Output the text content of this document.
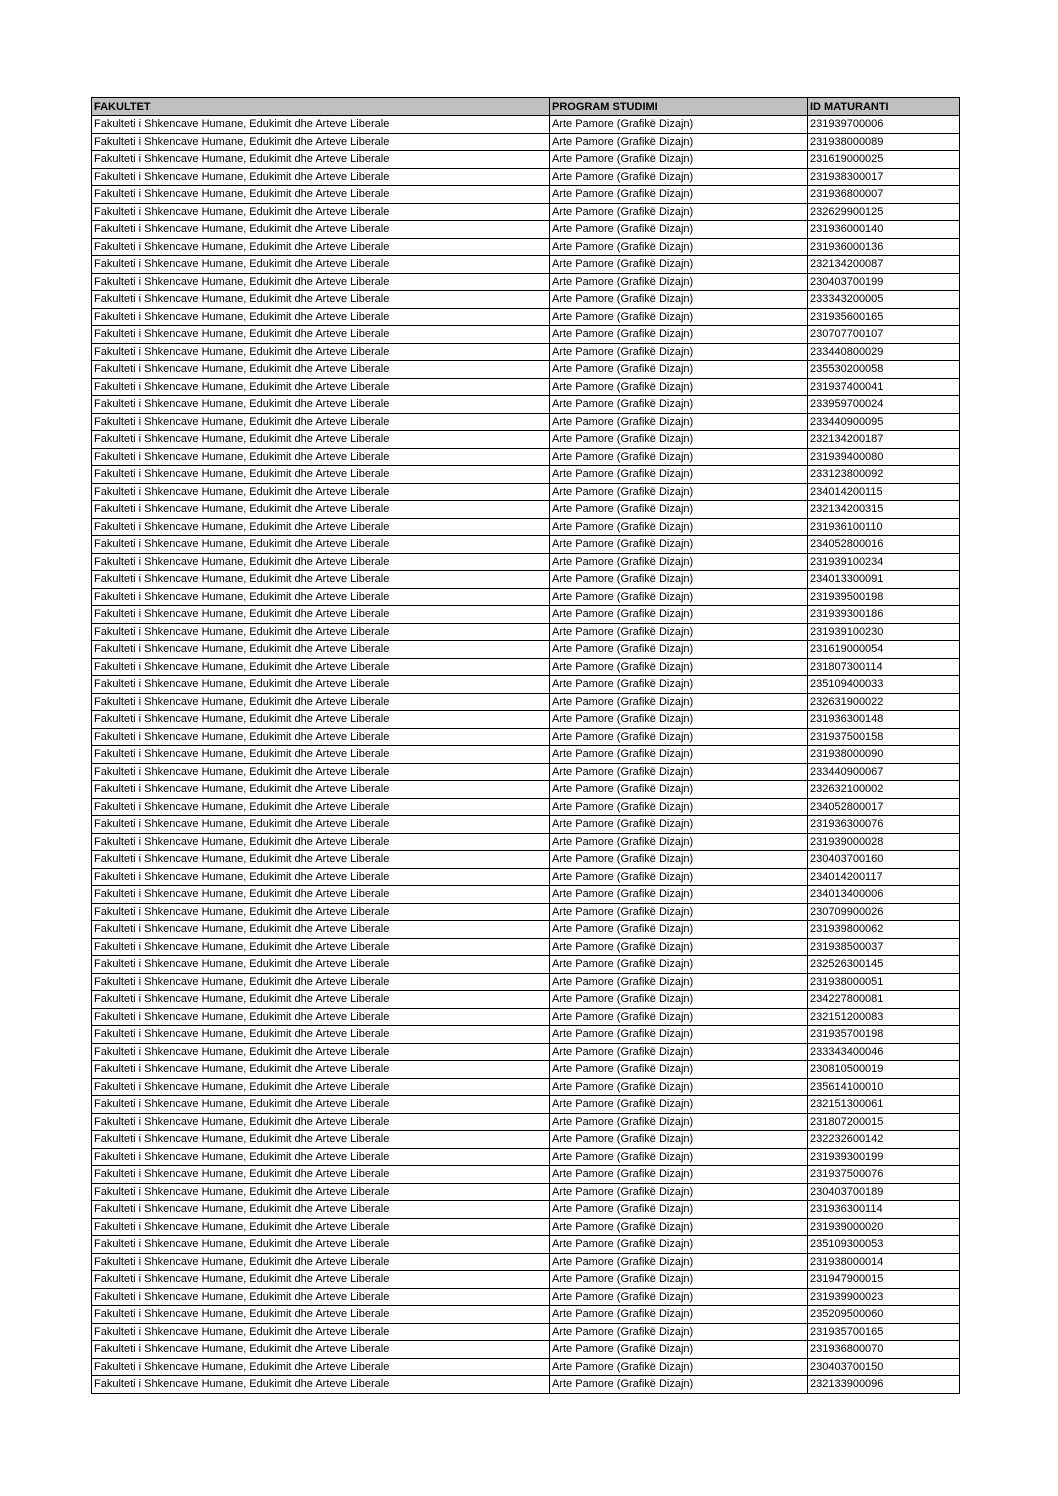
FAKULTET	PROGRAM STUDIMI	ID MATURANTI
Fakulteti i Shkencave Humane, Edukimit dhe Arteve Liberale	Arte Pamore (Grafikë Dizajn)	231939700006
Fakulteti i Shkencave Humane, Edukimit dhe Arteve Liberale	Arte Pamore (Grafikë Dizajn)	231938000089
Fakulteti i Shkencave Humane, Edukimit dhe Arteve Liberale	Arte Pamore (Grafikë Dizajn)	231619000025
Fakulteti i Shkencave Humane, Edukimit dhe Arteve Liberale	Arte Pamore (Grafikë Dizajn)	231938300017
Fakulteti i Shkencave Humane, Edukimit dhe Arteve Liberale	Arte Pamore (Grafikë Dizajn)	231936800007
Fakulteti i Shkencave Humane, Edukimit dhe Arteve Liberale	Arte Pamore (Grafikë Dizajn)	232629900125
Fakulteti i Shkencave Humane, Edukimit dhe Arteve Liberale	Arte Pamore (Grafikë Dizajn)	231936000140
Fakulteti i Shkencave Humane, Edukimit dhe Arteve Liberale	Arte Pamore (Grafikë Dizajn)	231936000136
Fakulteti i Shkencave Humane, Edukimit dhe Arteve Liberale	Arte Pamore (Grafikë Dizajn)	232134200087
Fakulteti i Shkencave Humane, Edukimit dhe Arteve Liberale	Arte Pamore (Grafikë Dizajn)	230403700199
Fakulteti i Shkencave Humane, Edukimit dhe Arteve Liberale	Arte Pamore (Grafikë Dizajn)	233343200005
Fakulteti i Shkencave Humane, Edukimit dhe Arteve Liberale	Arte Pamore (Grafikë Dizajn)	231935600165
Fakulteti i Shkencave Humane, Edukimit dhe Arteve Liberale	Arte Pamore (Grafikë Dizajn)	230707700107
Fakulteti i Shkencave Humane, Edukimit dhe Arteve Liberale	Arte Pamore (Grafikë Dizajn)	233440800029
Fakulteti i Shkencave Humane, Edukimit dhe Arteve Liberale	Arte Pamore (Grafikë Dizajn)	235530200058
Fakulteti i Shkencave Humane, Edukimit dhe Arteve Liberale	Arte Pamore (Grafikë Dizajn)	231937400041
Fakulteti i Shkencave Humane, Edukimit dhe Arteve Liberale	Arte Pamore (Grafikë Dizajn)	233959700024
Fakulteti i Shkencave Humane, Edukimit dhe Arteve Liberale	Arte Pamore (Grafikë Dizajn)	233440900095
Fakulteti i Shkencave Humane, Edukimit dhe Arteve Liberale	Arte Pamore (Grafikë Dizajn)	232134200187
Fakulteti i Shkencave Humane, Edukimit dhe Arteve Liberale	Arte Pamore (Grafikë Dizajn)	231939400080
Fakulteti i Shkencave Humane, Edukimit dhe Arteve Liberale	Arte Pamore (Grafikë Dizajn)	233123800092
Fakulteti i Shkencave Humane, Edukimit dhe Arteve Liberale	Arte Pamore (Grafikë Dizajn)	234014200115
Fakulteti i Shkencave Humane, Edukimit dhe Arteve Liberale	Arte Pamore (Grafikë Dizajn)	232134200315
Fakulteti i Shkencave Humane, Edukimit dhe Arteve Liberale	Arte Pamore (Grafikë Dizajn)	231936100110
Fakulteti i Shkencave Humane, Edukimit dhe Arteve Liberale	Arte Pamore (Grafikë Dizajn)	234052800016
Fakulteti i Shkencave Humane, Edukimit dhe Arteve Liberale	Arte Pamore (Grafikë Dizajn)	231939100234
Fakulteti i Shkencave Humane, Edukimit dhe Arteve Liberale	Arte Pamore (Grafikë Dizajn)	234013300091
Fakulteti i Shkencave Humane, Edukimit dhe Arteve Liberale	Arte Pamore (Grafikë Dizajn)	231939500198
Fakulteti i Shkencave Humane, Edukimit dhe Arteve Liberale	Arte Pamore (Grafikë Dizajn)	231939300186
Fakulteti i Shkencave Humane, Edukimit dhe Arteve Liberale	Arte Pamore (Grafikë Dizajn)	231939100230
Fakulteti i Shkencave Humane, Edukimit dhe Arteve Liberale	Arte Pamore (Grafikë Dizajn)	231619000054
Fakulteti i Shkencave Humane, Edukimit dhe Arteve Liberale	Arte Pamore (Grafikë Dizajn)	231807300114
Fakulteti i Shkencave Humane, Edukimit dhe Arteve Liberale	Arte Pamore (Grafikë Dizajn)	235109400033
Fakulteti i Shkencave Humane, Edukimit dhe Arteve Liberale	Arte Pamore (Grafikë Dizajn)	232631900022
Fakulteti i Shkencave Humane, Edukimit dhe Arteve Liberale	Arte Pamore (Grafikë Dizajn)	231936300148
Fakulteti i Shkencave Humane, Edukimit dhe Arteve Liberale	Arte Pamore (Grafikë Dizajn)	231937500158
Fakulteti i Shkencave Humane, Edukimit dhe Arteve Liberale	Arte Pamore (Grafikë Dizajn)	231938000090
Fakulteti i Shkencave Humane, Edukimit dhe Arteve Liberale	Arte Pamore (Grafikë Dizajn)	233440900067
Fakulteti i Shkencave Humane, Edukimit dhe Arteve Liberale	Arte Pamore (Grafikë Dizajn)	232632100002
Fakulteti i Shkencave Humane, Edukimit dhe Arteve Liberale	Arte Pamore (Grafikë Dizajn)	234052800017
Fakulteti i Shkencave Humane, Edukimit dhe Arteve Liberale	Arte Pamore (Grafikë Dizajn)	231936300076
Fakulteti i Shkencave Humane, Edukimit dhe Arteve Liberale	Arte Pamore (Grafikë Dizajn)	231939000028
Fakulteti i Shkencave Humane, Edukimit dhe Arteve Liberale	Arte Pamore (Grafikë Dizajn)	230403700160
Fakulteti i Shkencave Humane, Edukimit dhe Arteve Liberale	Arte Pamore (Grafikë Dizajn)	234014200117
Fakulteti i Shkencave Humane, Edukimit dhe Arteve Liberale	Arte Pamore (Grafikë Dizajn)	234013400006
Fakulteti i Shkencave Humane, Edukimit dhe Arteve Liberale	Arte Pamore (Grafikë Dizajn)	230709900026
Fakulteti i Shkencave Humane, Edukimit dhe Arteve Liberale	Arte Pamore (Grafikë Dizajn)	231939800062
Fakulteti i Shkencave Humane, Edukimit dhe Arteve Liberale	Arte Pamore (Grafikë Dizajn)	231938500037
Fakulteti i Shkencave Humane, Edukimit dhe Arteve Liberale	Arte Pamore (Grafikë Dizajn)	232526300145
Fakulteti i Shkencave Humane, Edukimit dhe Arteve Liberale	Arte Pamore (Grafikë Dizajn)	231938000051
Fakulteti i Shkencave Humane, Edukimit dhe Arteve Liberale	Arte Pamore (Grafikë Dizajn)	234227800081
Fakulteti i Shkencave Humane, Edukimit dhe Arteve Liberale	Arte Pamore (Grafikë Dizajn)	232151200083
Fakulteti i Shkencave Humane, Edukimit dhe Arteve Liberale	Arte Pamore (Grafikë Dizajn)	231935700198
Fakulteti i Shkencave Humane, Edukimit dhe Arteve Liberale	Arte Pamore (Grafikë Dizajn)	233343400046
Fakulteti i Shkencave Humane, Edukimit dhe Arteve Liberale	Arte Pamore (Grafikë Dizajn)	230810500019
Fakulteti i Shkencave Humane, Edukimit dhe Arteve Liberale	Arte Pamore (Grafikë Dizajn)	235614100010
Fakulteti i Shkencave Humane, Edukimit dhe Arteve Liberale	Arte Pamore (Grafikë Dizajn)	232151300061
Fakulteti i Shkencave Humane, Edukimit dhe Arteve Liberale	Arte Pamore (Grafikë Dizajn)	231807200015
Fakulteti i Shkencave Humane, Edukimit dhe Arteve Liberale	Arte Pamore (Grafikë Dizajn)	232232600142
Fakulteti i Shkencave Humane, Edukimit dhe Arteve Liberale	Arte Pamore (Grafikë Dizajn)	231939300199
Fakulteti i Shkencave Humane, Edukimit dhe Arteve Liberale	Arte Pamore (Grafikë Dizajn)	231937500076
Fakulteti i Shkencave Humane, Edukimit dhe Arteve Liberale	Arte Pamore (Grafikë Dizajn)	230403700189
Fakulteti i Shkencave Humane, Edukimit dhe Arteve Liberale	Arte Pamore (Grafikë Dizajn)	231936300114
Fakulteti i Shkencave Humane, Edukimit dhe Arteve Liberale	Arte Pamore (Grafikë Dizajn)	231939000020
Fakulteti i Shkencave Humane, Edukimit dhe Arteve Liberale	Arte Pamore (Grafikë Dizajn)	235109300053
Fakulteti i Shkencave Humane, Edukimit dhe Arteve Liberale	Arte Pamore (Grafikë Dizajn)	231938000014
Fakulteti i Shkencave Humane, Edukimit dhe Arteve Liberale	Arte Pamore (Grafikë Dizajn)	231947900015
Fakulteti i Shkencave Humane, Edukimit dhe Arteve Liberale	Arte Pamore (Grafikë Dizajn)	231939900023
Fakulteti i Shkencave Humane, Edukimit dhe Arteve Liberale	Arte Pamore (Grafikë Dizajn)	235209500060
Fakulteti i Shkencave Humane, Edukimit dhe Arteve Liberale	Arte Pamore (Grafikë Dizajn)	231935700165
Fakulteti i Shkencave Humane, Edukimit dhe Arteve Liberale	Arte Pamore (Grafikë Dizajn)	231936800070
Fakulteti i Shkencave Humane, Edukimit dhe Arteve Liberale	Arte Pamore (Grafikë Dizajn)	230403700150
Fakulteti i Shkencave Humane, Edukimit dhe Arteve Liberale	Arte Pamore (Grafikë Dizajn)	232133900096
